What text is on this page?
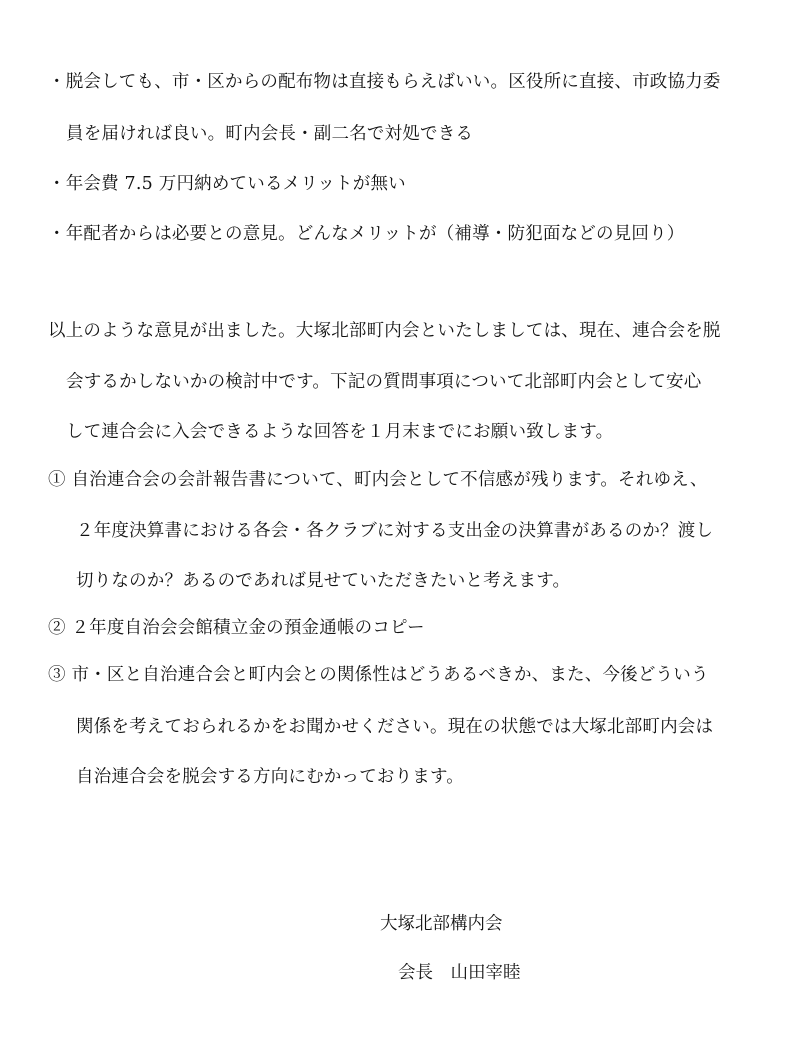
・脱会しても、市・区からの配布物は直接もらえばいい。区役所に直接、市政協力委
員を届ければ良い。町内会長・副二名で対処できる
・年会費 7.5 万円納めているメリットが無い
・年配者からは必要との意見。どんなメリットが（補導・防犯面などの見回り）
以上のような意見が出ました。大塚北部町内会といたしましては、現在、連合会を脱
会するかしないかの検討中です。下記の質問事項について北部町内会として安心
して連合会に入会できるような回答を１月末までにお願い致します。
① 自治連合会の会計報告書について、町内会として不信感が残ります。それゆえ、
２年度決算書における各会・各クラブに対する支出金の決算書があるのか？渡し
切りなのか？あるのであれば見せていただきたいと考えます。
② ２年度自治会会館積立金の預金通帳のコピー
③ 市・区と自治連合会と町内会との関係性はどうあるべきか、また、今後どういう
関係を考えておられるかをお聞かせください。現在の状態では大塚北部町内会は
自治連合会を脱会する方向にむかっております。
大塚北部構内会
会長　山田宰睦
